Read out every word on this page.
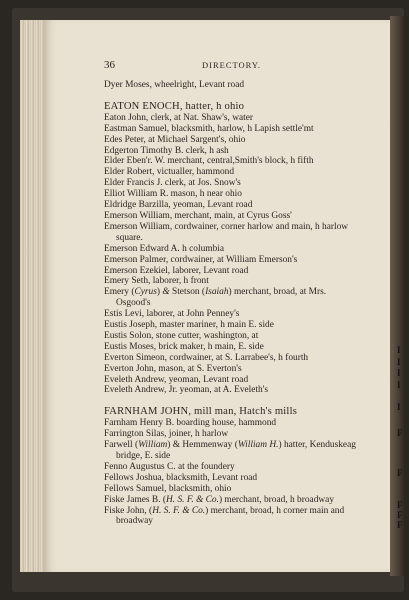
I
I
I
I
F
I
F
F
F
F
36	DIRECTORY.

Dyer Moses, wheelright, Levant road

EATON ENOCH, hatter, h ohio

Eaton John, clerk, at Nat. Shaw's, water

Eastman Samuel, blacksmith, harlow, h Lapish settle'mt

Edes Peter, at Michael Sargent's, ohio

Edgerton Timothy B. clerk, h ash

Elder Eben'r. W. merchant, central,Smith's block, h fifth

Elder Robert, victualler, hammond

Elder Francis J. clerk, at Jos. Snow's

Elliot William R. mason, h near ohio

Eldridge Barzilla, yeoman, Levant road

Emerson William, merchant, main, at Cyrus Goss'

Emerson William, cordwainer, corner harlow and main, h harlow square.

Emerson Edward A. h columbia

Emerson Palmer, cordwainer, at William Emerson's

Emerson Ezekiel, laborer, Levant road

Emery Seth, laborer, h front

Emery (Cyrus) & Stetson (Isaiah) merchant, broad, at Mrs. Osgood's

Estis Levi, laborer, at John Penney's

Eustis Joseph, master mariner, h main E. side

Eustis Solon, stone cutter, washington, at

Eustis Moses, brick maker, h main, E. side

Everton Simeon, cordwainer, at S. Larrabee's, h fourth

Everton John, mason, at S. Everton's

Eveleth Andrew, yeoman, Levant road

Eveleth Andrew, Jr. yeoman, at A. Eveleth's

FARNHAM JOHN, mill man, Hatch's mills

Farnham Henry B. boarding house, hammond

Farrington Silas, joiner, h harlow

Farwell (William) & Hemmenway (William H.) hatter, Kenduskeag bridge, E. side

Fenno Augustus C. at the foundery

Fellows Joshua, blacksmith, Levant road

Fellows Samuel, blacksmith, ohio

Fiske James B. (H. S. F. & Co.) merchant, broad, h broadway

Fiske John, (H. S. F. & Co.) merchant, broad, h corner main and broadway
